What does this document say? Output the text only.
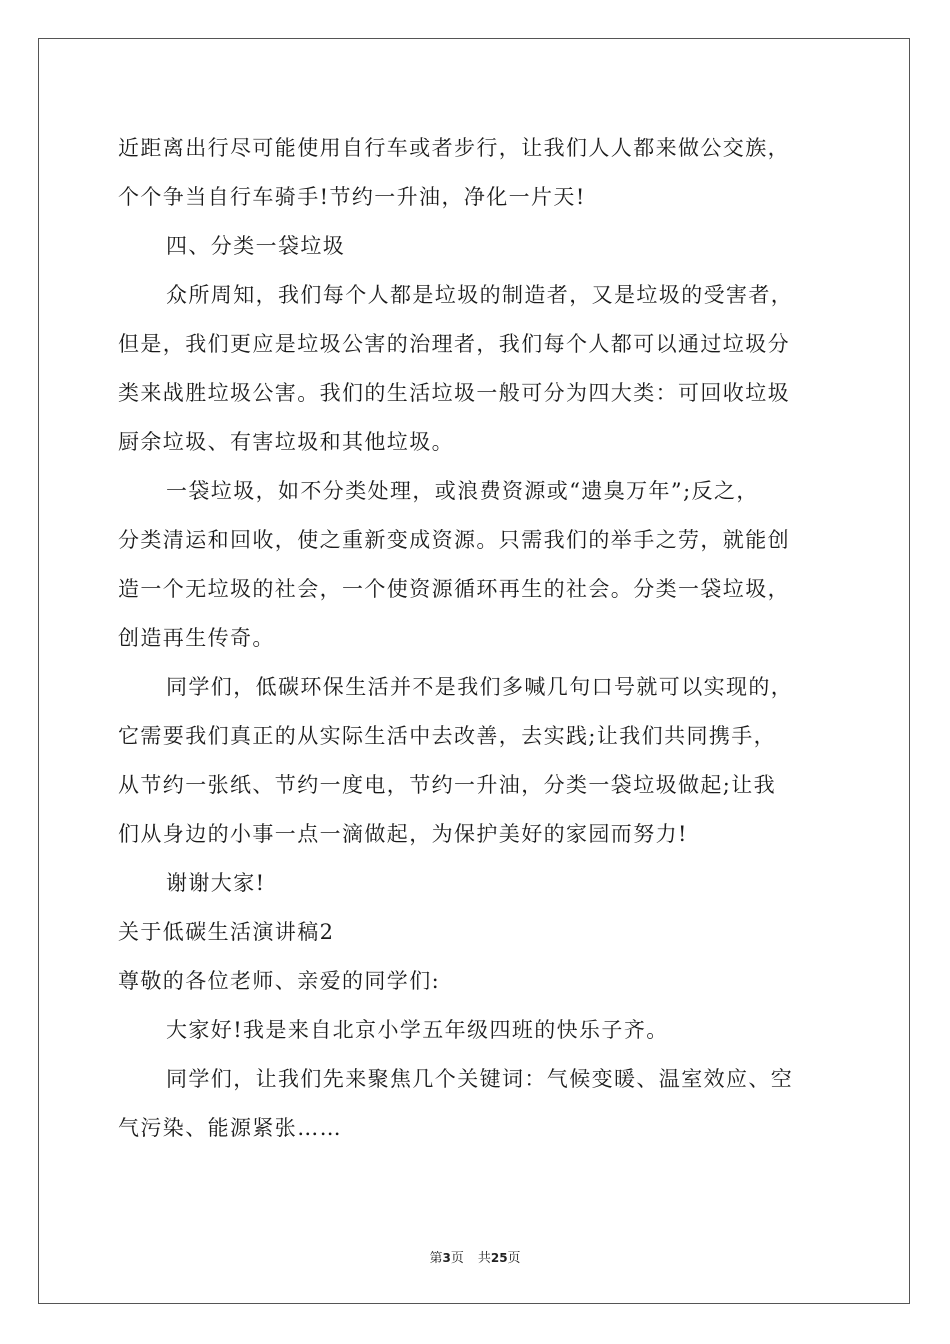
近距离出行尽可能使用自行车或者步行，让我们人人都来做公交族，
个个争当自行车骑手!节约一升油，净化一片天!
四、分类一袋垃圾
众所周知，我们每个人都是垃圾的制造者，又是垃圾的受害者，
但是，我们更应是垃圾公害的治理者，我们每个人都可以通过垃圾分
类来战胜垃圾公害。我们的生活垃圾一般可分为四大类：可回收垃圾
厨余垃圾、有害垃圾和其他垃圾。
一袋垃圾，如不分类处理，或浪费资源或“遗臭万年”;反之，
分类清运和回收，使之重新变成资源。只需我们的举手之劳，就能创
造一个无垃圾的社会，一个使资源循环再生的社会。分类一袋垃圾，
创造再生传奇。
同学们，低碳环保生活并不是我们多喊几句口号就可以实现的，
它需要我们真正的从实际生活中去改善，去实践;让我们共同携手，
从节约一张纸、节约一度电，节约一升油，分类一袋垃圾做起;让我
们从身边的小事一点一滴做起，为保护美好的家园而努力!
谢谢大家!
关于低碳生活演讲稿2
尊敬的各位老师、亲爱的同学们:
大家好!我是来自北京小学五年级四班的快乐子齐。
同学们，让我们先来聚焦几个关键词：气候变暖、温室效应、空
气污染、能源紧张……
第3页 共25页
